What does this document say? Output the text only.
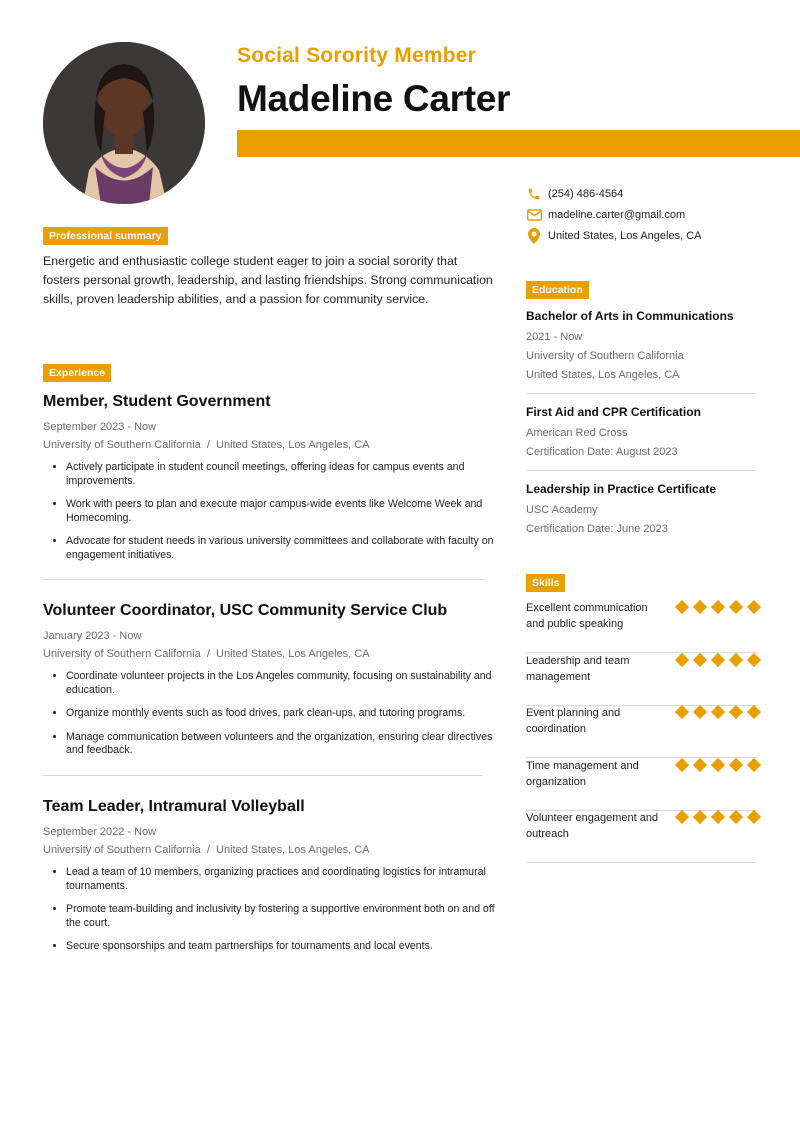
Social Sorority Member
Madeline Carter
(254) 486-4564
madeline.carter@gmail.com
United States, Los Angeles, CA
Professional summary
Energetic and enthusiastic college student eager to join a social sorority that fosters personal growth, leadership, and lasting friendships. Strong communication skills, proven leadership abilities, and a passion for community service.
Experience
Member, Student Government
September 2023 - Now
University of Southern California  /  United States, Los Angeles, CA
• Actively participate in student council meetings, offering ideas for campus events and improvements.
• Work with peers to plan and execute major campus-wide events like Welcome Week and Homecoming.
• Advocate for student needs in various university committees and collaborate with faculty on engagement initiatives.
Volunteer Coordinator, USC Community Service Club
January 2023 - Now
University of Southern California  /  United States, Los Angeles, CA
• Coordinate volunteer projects in the Los Angeles community, focusing on sustainability and education.
• Organize monthly events such as food drives, park clean-ups, and tutoring programs.
• Manage communication between volunteers and the organization, ensuring clear directives and feedback.
Team Leader, Intramural Volleyball
September 2022 - Now
University of Southern California  /  United States, Los Angeles, CA
• Lead a team of 10 members, organizing practices and coordinating logistics for intramural tournaments.
• Promote team-building and inclusivity by fostering a supportive environment both on and off the court.
• Secure sponsorships and team partnerships for tournaments and local events.
Education
Bachelor of Arts in Communications
2021 - Now
University of Southern California
United States, Los Angeles, CA
First Aid and CPR Certification
American Red Cross
Certification Date: August 2023
Leadership in Practice Certificate
USC Academy
Certification Date: June 2023
Skills
Excellent communication and public speaking
Leadership and team management
Event planning and coordination
Time management and organization
Volunteer engagement and outreach
